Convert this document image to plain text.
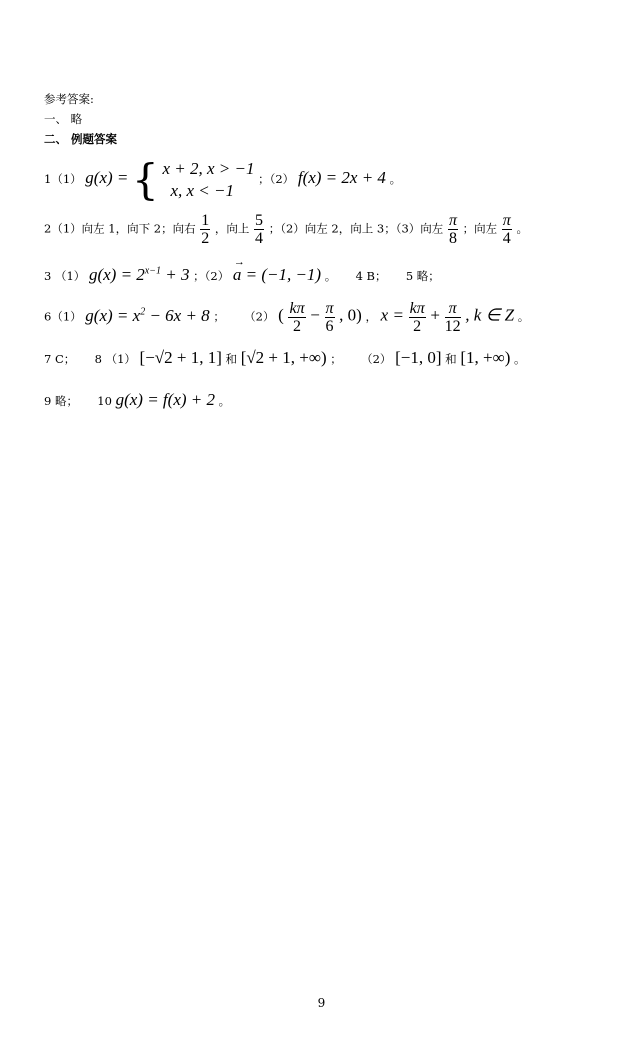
参考答案:
一、 略
二、 例题答案
1（1） g(x) = { x + 2, x > −1
x, x < −1
；（2） f(x) = 2x + 4 。
2（1）向左 1，向下 2；向右 $\frac{1}{2}$ ，向上 $\frac{5}{4}$ ；（2）向左 2，向上 3；（3）向左 $\frac{\pi}{8}$ ；向左 $\frac{\pi}{4}$ 。
3 （1） $g(x) = 2^{x-1} + 3$ ；（2）
→
a = (−1, −1) 。 4 B； 5 略；
6（1） $g(x) = x^2 - 6x + 8$ ； （2） ( $\frac{k\pi}{2} - \frac{\pi}{6}$ , 0) ， $x = \frac{k\pi}{2} + \frac{\pi}{12}$ , k ∈ Z 。
7 C； 8 （1） [−√2 + 1, 1] 和 [√2 + 1, +∞) ； （2） [−1, 0] 和 [1, +∞) 。
9 略； 10 g(x) = f(x) + 2 。
9
